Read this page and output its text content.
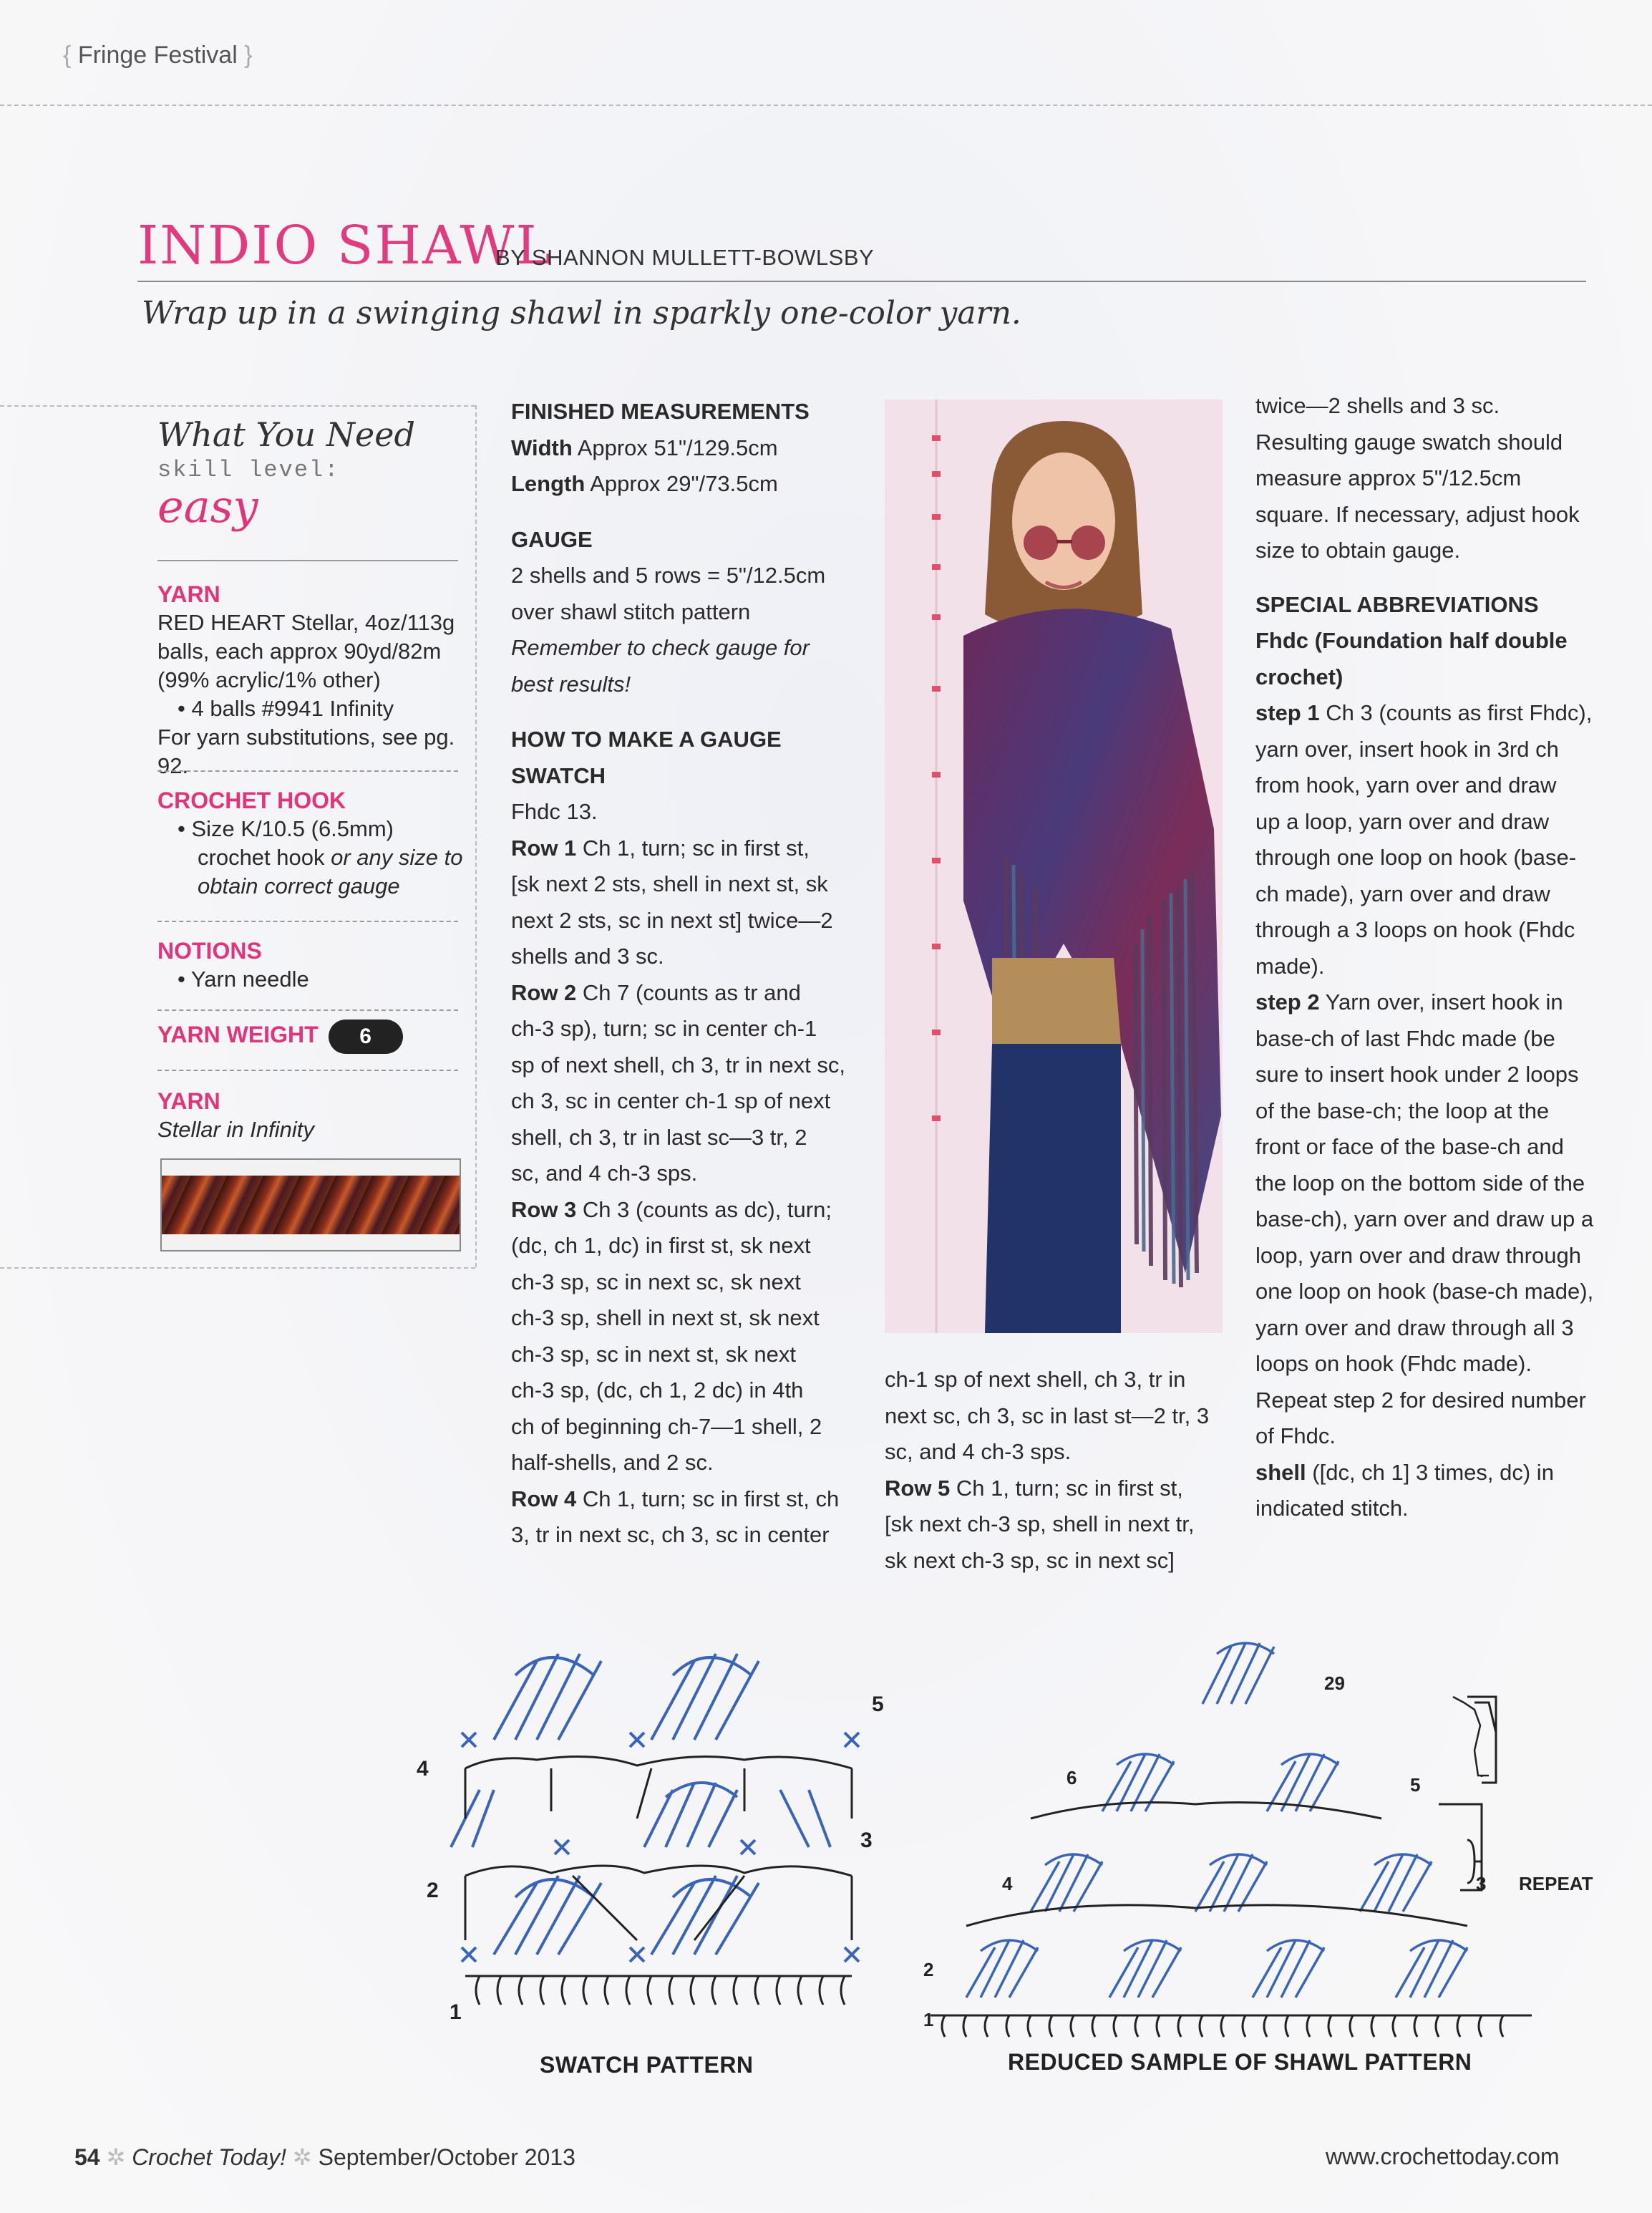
{ Fringe Festival }
INDIO SHAWL
BY SHANNON MULLETT-BOWLSBY
Wrap up in a swinging shawl in sparkly one-color yarn.
What You Need
skill level:
easy
YARN
RED HEART Stellar, 4oz/113g
balls, each approx 90yd/82m
(99% acrylic/1% other)
• 4 balls #9941 Infinity
For yarn substitutions, see pg. 92.
CROCHET HOOK
• Size K/10.5 (6.5mm)
crochet hook or any size to
obtain correct gauge
NOTIONS
• Yarn needle
YARN WEIGHT 6
YARN
Stellar in Infinity

FINISHED MEASUREMENTS

Width Approx 51"/129.5cm

Length Approx 29"/73.5cm

GAUGE

2 shells and 5 rows = 5"/12.5cm

over shawl stitch pattern

Remember to check gauge for

best results!

HOW TO MAKE A GAUGE

SWATCH

Fhdc 13.

Row 1 Ch 1, turn; sc in first st,

[sk next 2 sts, shell in next st, sk

next 2 sts, sc in next st] twice—2

shells and 3 sc.

Row 2 Ch 7 (counts as tr and

ch-3 sp), turn; sc in center ch-1

sp of next shell, ch 3, tr in next sc,

ch 3, sc in center ch-1 sp of next

shell, ch 3, tr in last sc—3 tr, 2

sc, and 4 ch-3 sps.

Row 3 Ch 3 (counts as dc), turn;

(dc, ch 1, dc) in first st, sk next

ch-3 sp, sc in next sc, sk next

ch-3 sp, shell in next st, sk next

ch-3 sp, sc in next st, sk next

ch-3 sp, (dc, ch 1, 2 dc) in 4th

ch of beginning ch-7—1 shell, 2

half-shells, and 2 sc.

Row 4 Ch 1, turn; sc in first st, ch

3, tr in next sc, ch 3, sc in center

ch-1 sp of next shell, ch 3, tr in

next sc, ch 3, sc in last st—2 tr, 3

sc, and 4 ch-3 sps.

Row 5 Ch 1, turn; sc in first st,

[sk next ch-3 sp, shell in next tr,

sk next ch-3 sp, sc in next sc]

twice—2 shells and 3 sc.

Resulting gauge swatch should

measure approx 5"/12.5cm

square. If necessary, adjust hook

size to obtain gauge.

SPECIAL ABBREVIATIONS

Fhdc (Foundation half double

crochet)

step 1 Ch 3 (counts as first Fhdc),

yarn over, insert hook in 3rd ch

from hook, yarn over and draw

up a loop, yarn over and draw

through one loop on hook (base-

ch made), yarn over and draw

through a 3 loops on hook (Fhdc

made).

step 2 Yarn over, insert hook in

base-ch of last Fhdc made (be

sure to insert hook under 2 loops

of the base-ch; the loop at the

front or face of the base-ch and

the loop on the bottom side of the

base-ch), yarn over and draw up a

loop, yarn over and draw through

one loop on hook (base-ch made),

yarn over and draw through all 3

loops on hook (Fhdc made).

Repeat step 2 for desired number

of Fhdc.

shell ([dc, ch 1] 3 times, dc) in

indicated stitch.

1
2
3
4
5
SWATCH PATTERN
1
2
3
4
5
6
29
REPEAT
REDUCED SAMPLE OF SHAWL PATTERN
54 ✲ Crochet Today! ✲ September/October 2013	www.crochettoday.com
